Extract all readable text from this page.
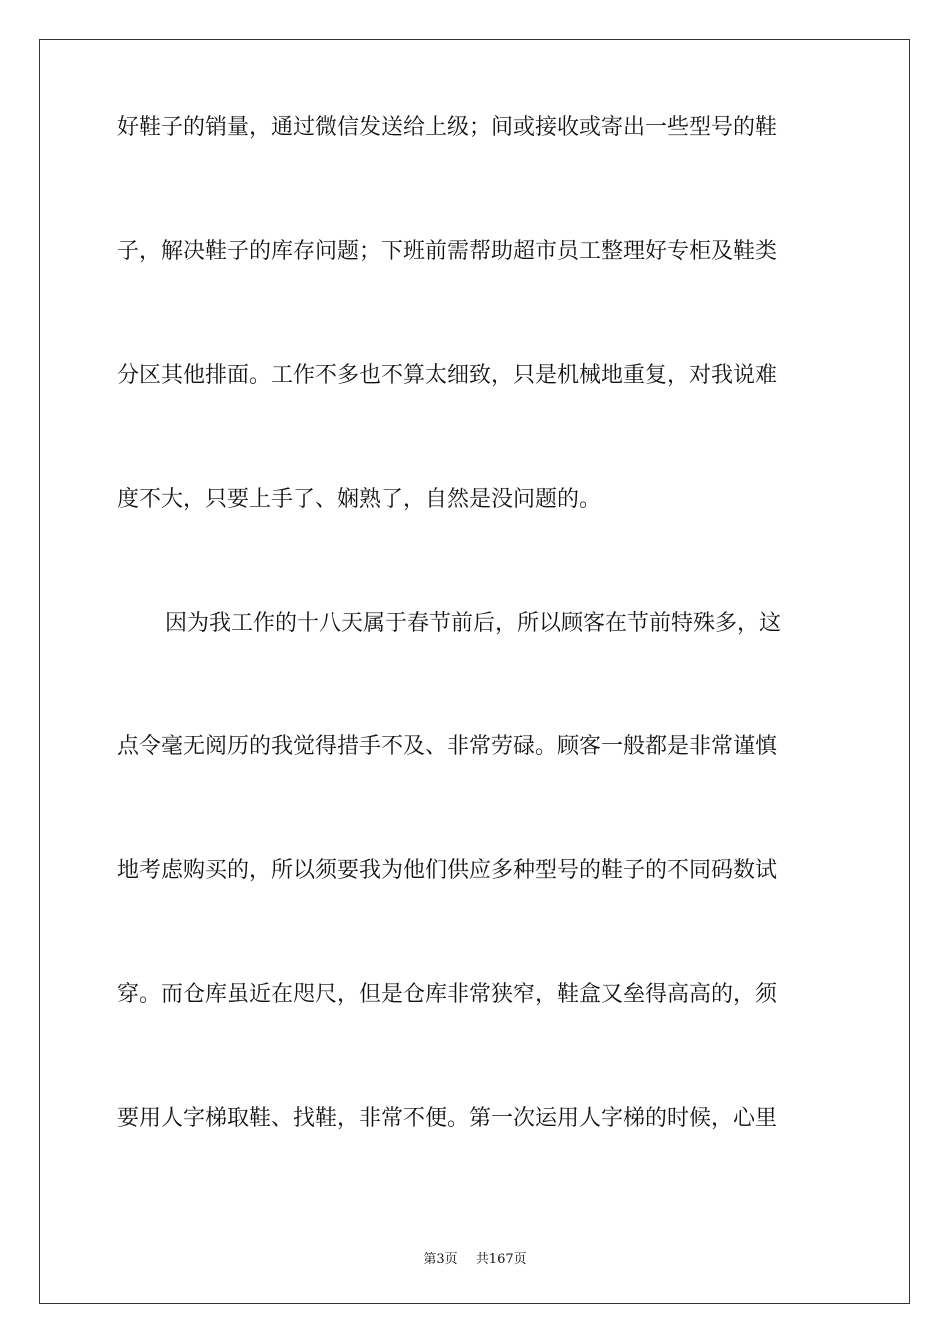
好鞋子的销量，通过微信发送给上级；间或接收或寄出一些型号的鞋
子，解决鞋子的库存问题；下班前需帮助超市员工整理好专柜及鞋类
分区其他排面。工作不多也不算太细致，只是机械地重复，对我说难
度不大，只要上手了、娴熟了，自然是没问题的。

因为我工作的十八天属于春节前后，所以顾客在节前特殊多，这
点令毫无阅历的我觉得措手不及、非常劳碌。顾客一般都是非常谨慎
地考虑购买的，所以须要我为他们供应多种型号的鞋子的不同码数试
穿。而仓库虽近在咫尺，但是仓库非常狭窄，鞋盒又垒得高高的，须
要用人字梯取鞋、找鞋，非常不便。第一次运用人字梯的时候，心里

第3页 共167页
